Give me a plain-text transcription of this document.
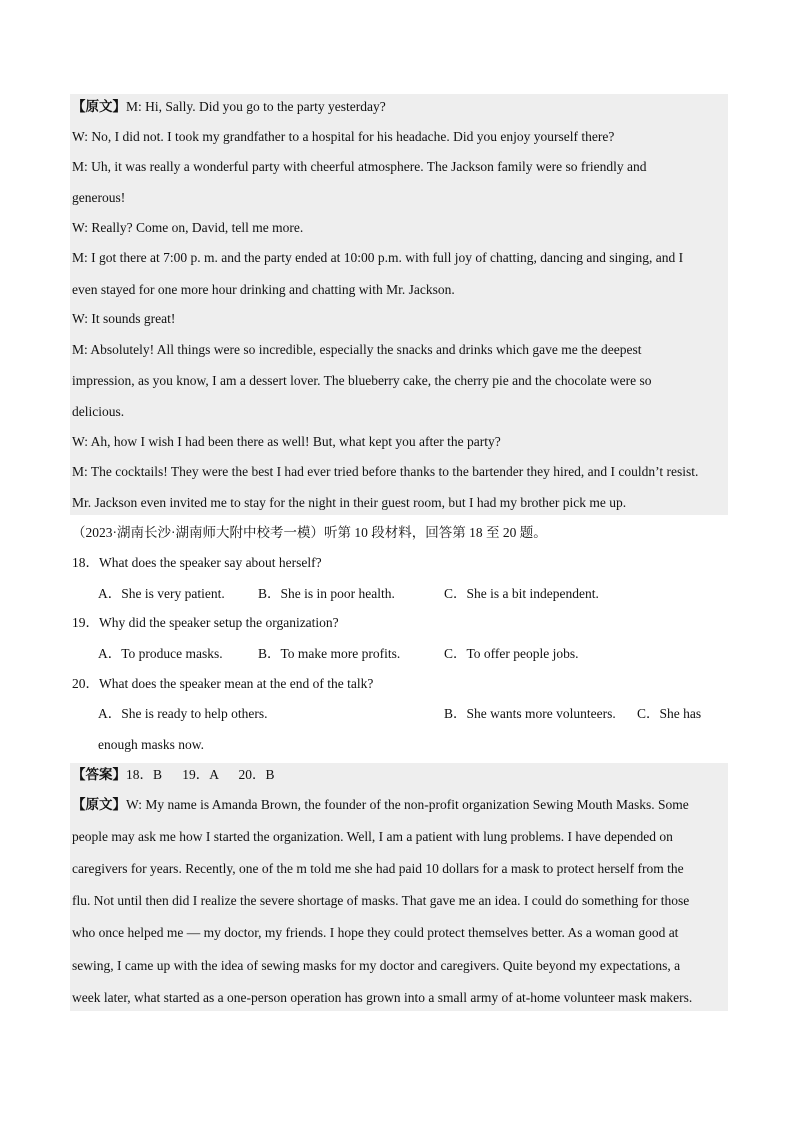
【原文】M: Hi, Sally. Did you go to the party yesterday?
W: No, I did not. I took my grandfather to a hospital for his headache. Did you enjoy yourself there?
M: Uh, it was really a wonderful party with cheerful atmosphere. The Jackson family were so friendly and
generous!
W: Really? Come on, David, tell me more.
M: I got there at 7:00 p. m. and the party ended at 10:00 p.m. with full joy of chatting, dancing and singing, and I
even stayed for one more hour drinking and chatting with Mr. Jackson.
W: It sounds great!
M: Absolutely! All things were so incredible, especially the snacks and drinks which gave me the deepest
impression, as you know, I am a dessert lover. The blueberry cake, the cherry pie and the chocolate were so
delicious.
W: Ah, how I wish I had been there as well! But, what kept you after the party?
M: The cocktails! They were the best I had ever tried before thanks to the bartender they hired, and I couldn’t resist.
Mr. Jackson even invited me to stay for the night in their guest room, but I had my brother pick me up.
（2023·湖南长沙·湖南师大附中校考一模）听第 10 段材料，回答第 18 至 20 题。
18．What does the speaker say about herself?
A．She is very patient. B．She is in poor health.	C．She is a bit independent.
19．Why did the speaker setup the organization?
A．To produce masks.	B．To make more profits.	C．To offer people jobs.
20．What does the speaker mean at the end of the talk?
A．She is ready to help others.	B．She wants more volunteers. C．She has
enough masks now.
【答案】18．B      19．A      20．B
【原文】W: My name is Amanda Brown, the founder of the non-profit organization Sewing Mouth Masks. Some
people may ask me how I started the organization. Well, I am a patient with lung problems. I have depended on
caregivers for years. Recently, one of the m told me she had paid 10 dollars for a mask to protect herself from the
flu. Not until then did I realize the severe shortage of masks. That gave me an idea. I could do something for those
who once helped me — my doctor, my friends. I hope they could protect themselves better. As a woman good at
sewing, I came up with the idea of sewing masks for my doctor and caregivers. Quite beyond my expectations, a
week later, what started as a one-person operation has grown into a small army of at-home volunteer mask makers.
